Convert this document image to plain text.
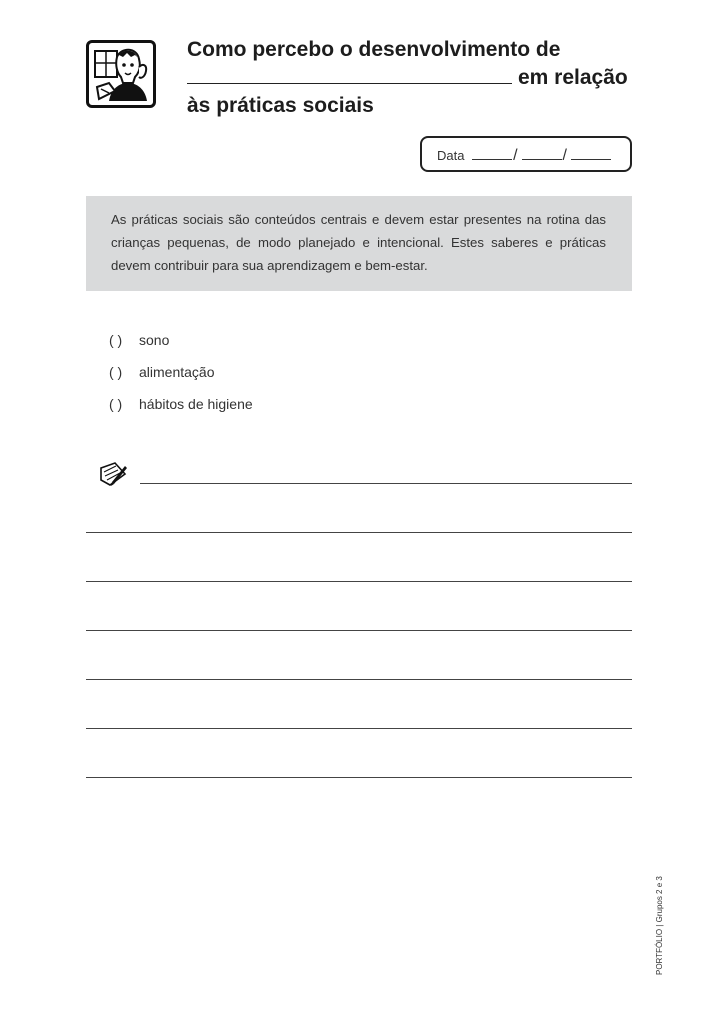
Como percebo o desenvolvimento de
em relação
às práticas sociais
Data	/	/
As práticas sociais são conteúdos centrais e devem estar presentes na rotina das crianças pequenas, de modo planejado e intencional. Estes saberes e práticas devem contribuir para sua aprendizagem e bem-estar.
( ) sono
( ) alimentação
( ) hábitos de higiene
PORTFÓLIO | Grupos 2 e 3
